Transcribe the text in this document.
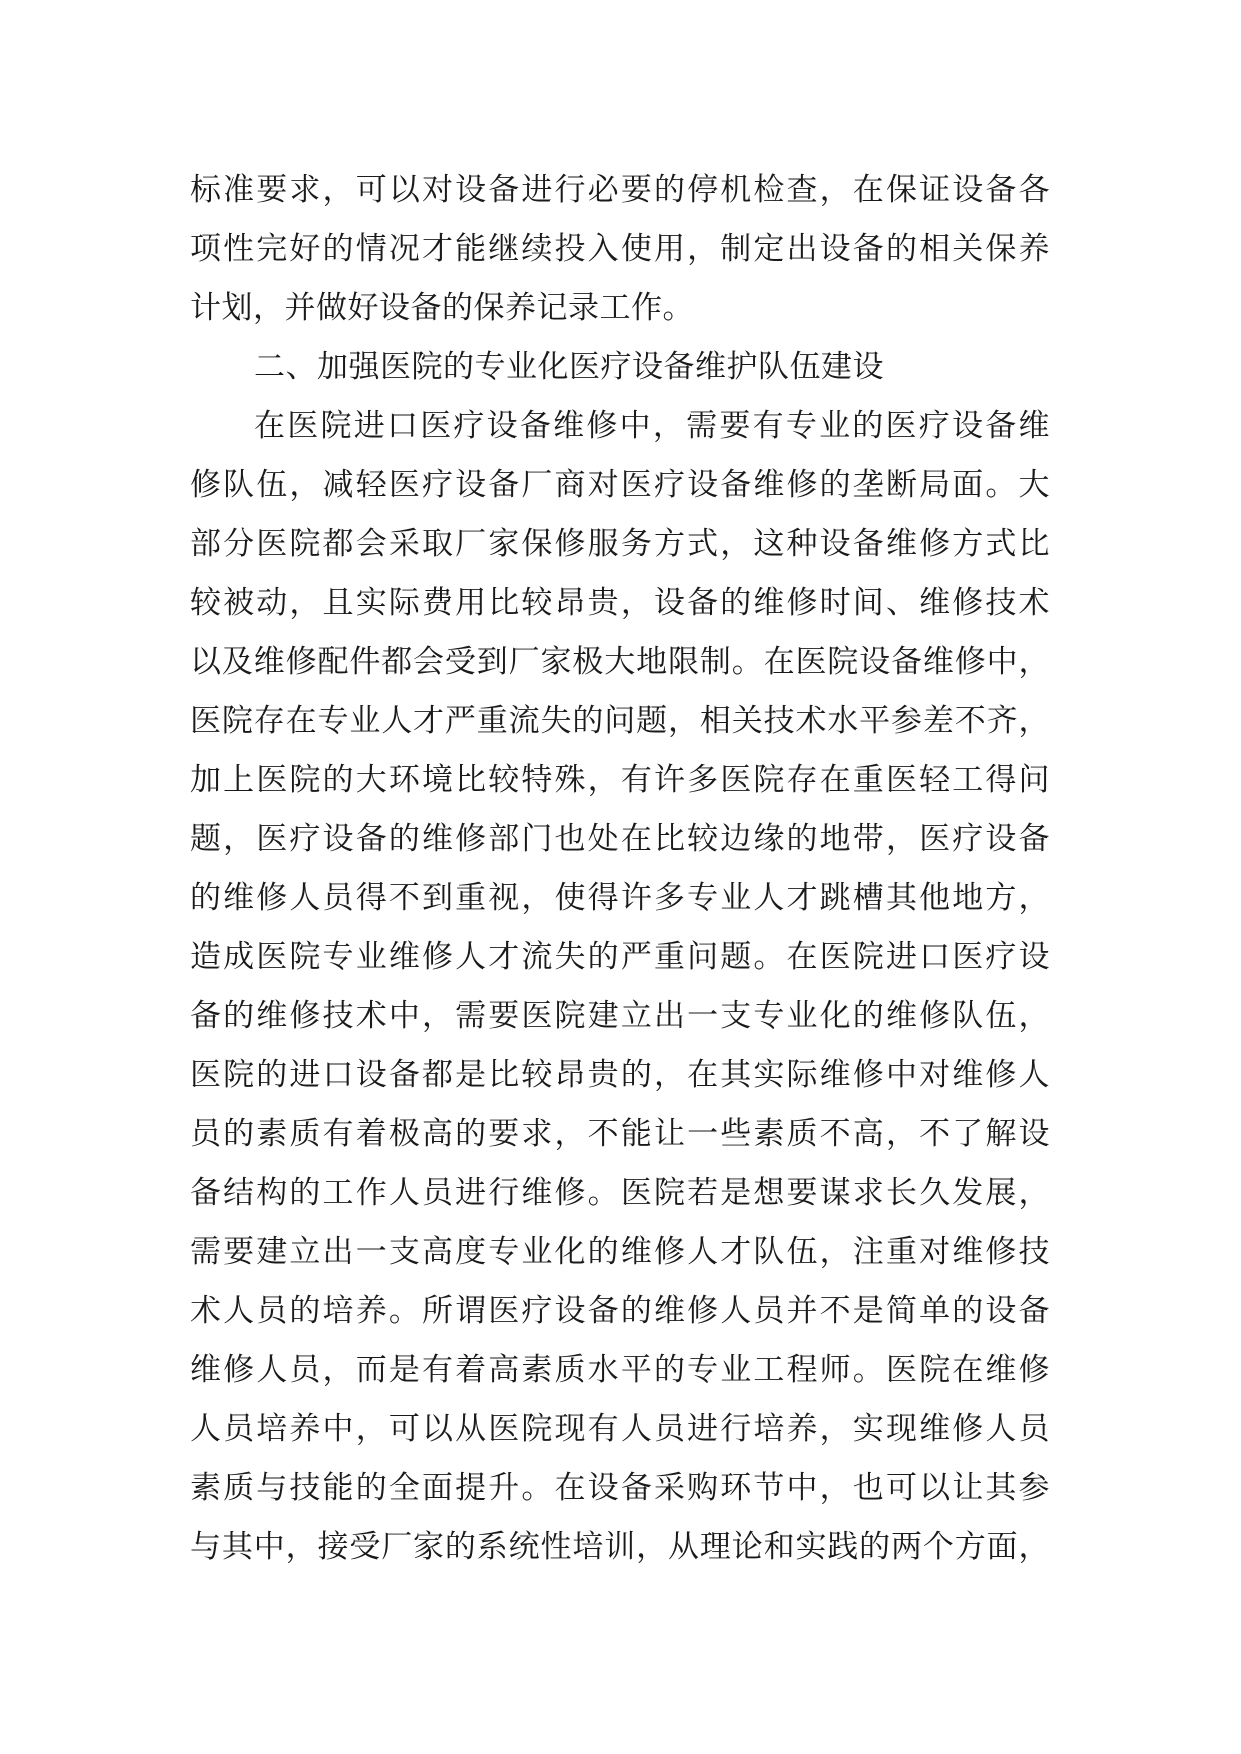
标准要求，可以对设备进行必要的停机检查，在保证设备各
项性完好的情况才能继续投入使用，制定出设备的相关保养
计划，并做好设备的保养记录工作。
二、加强医院的专业化医疗设备维护队伍建设
在医院进口医疗设备维修中，需要有专业的医疗设备维
修队伍，减轻医疗设备厂商对医疗设备维修的垄断局面。大
部分医院都会采取厂家保修服务方式，这种设备维修方式比
较被动，且实际费用比较昂贵，设备的维修时间、维修技术
以及维修配件都会受到厂家极大地限制。在医院设备维修中，
医院存在专业人才严重流失的问题，相关技术水平参差不齐，
加上医院的大环境比较特殊，有许多医院存在重医轻工得问
题，医疗设备的维修部门也处在比较边缘的地带，医疗设备
的维修人员得不到重视，使得许多专业人才跳槽其他地方，
造成医院专业维修人才流失的严重问题。在医院进口医疗设
备的维修技术中，需要医院建立出一支专业化的维修队伍，
医院的进口设备都是比较昂贵的，在其实际维修中对维修人
员的素质有着极高的要求，不能让一些素质不高，不了解设
备结构的工作人员进行维修。医院若是想要谋求长久发展，
需要建立出一支高度专业化的维修人才队伍，注重对维修技
术人员的培养。所谓医疗设备的维修人员并不是简单的设备
维修人员，而是有着高素质水平的专业工程师。医院在维修
人员培养中，可以从医院现有人员进行培养，实现维修人员
素质与技能的全面提升。在设备采购环节中，也可以让其参
与其中，接受厂家的系统性培训，从理论和实践的两个方面，
